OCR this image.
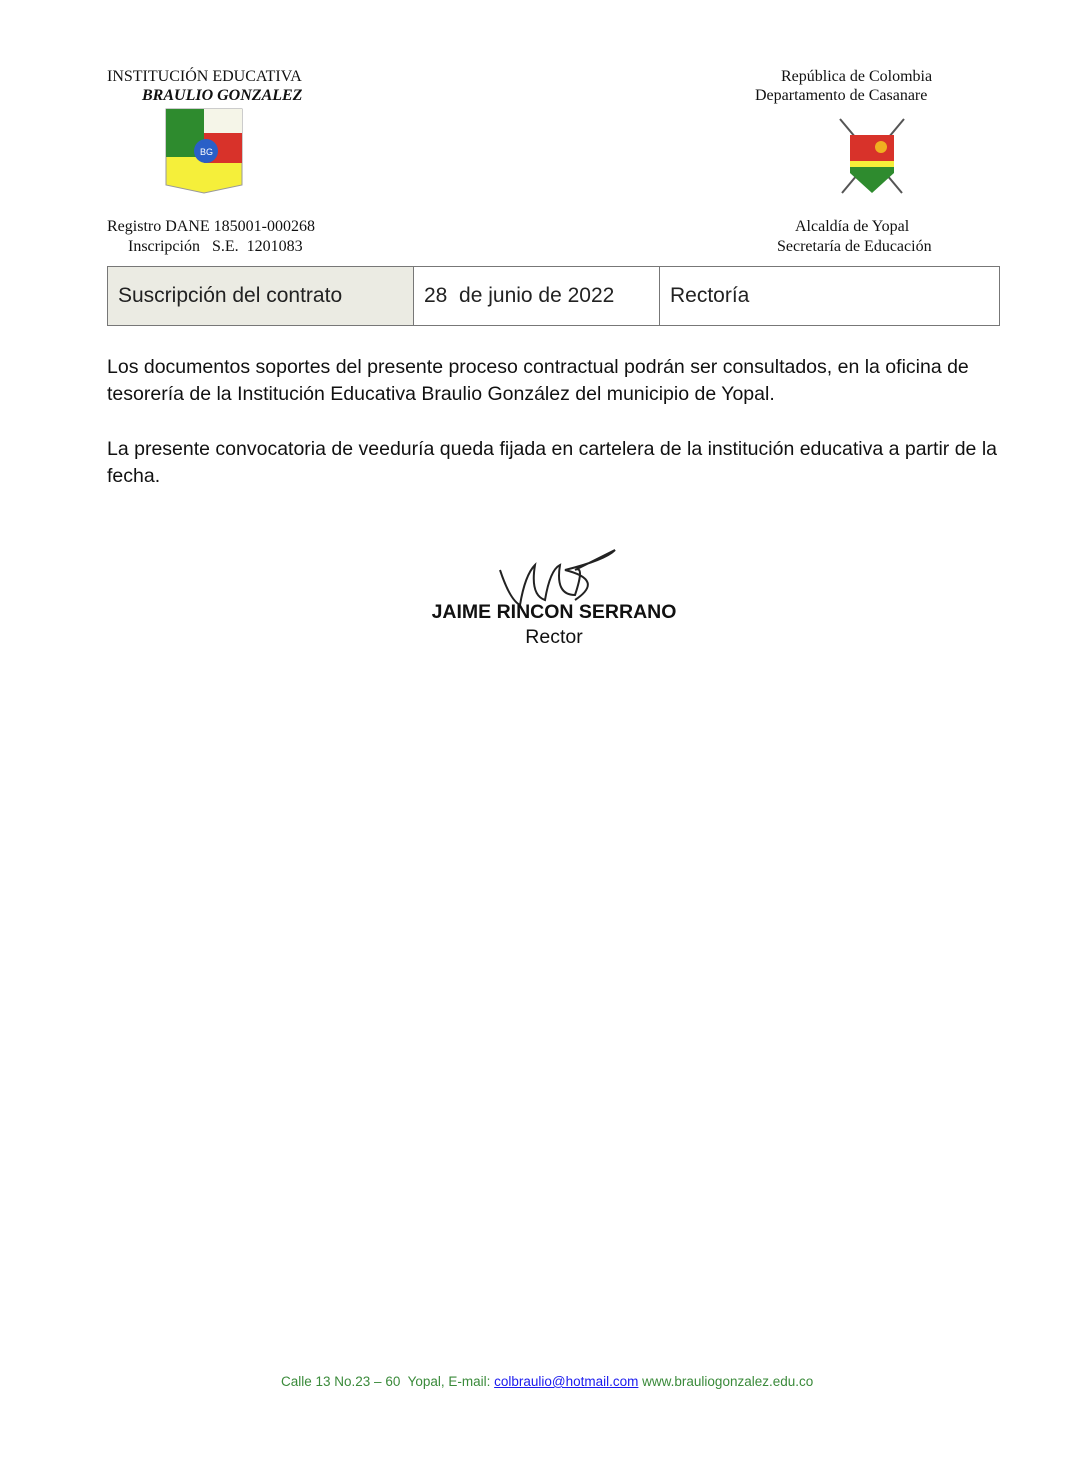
INSTITUCIÓN EDUCATIVA
BRAULIO GONZALEZ
BG
Registro DANE 185001-000268
Inscripción   S.E.  1201083
República de Colombia
Departamento de Casanare
Alcaldía de Yopal
Secretaría de Educación
Suscripción del contrato	28  de junio de 2022	Rectoría
Los documentos soportes del presente proceso contractual podrán ser consultados, en la oficina de tesorería de la Institución Educativa Braulio González del municipio de Yopal.
La presente convocatoria de veeduría queda fijada en cartelera de la institución educativa a partir de la fecha.
JAIME RINCON SERRANO
Rector
Calle 13 No.23 – 60  Yopal, E-mail: colbraulio@hotmail.com www.brauliogonzalez.edu.co
